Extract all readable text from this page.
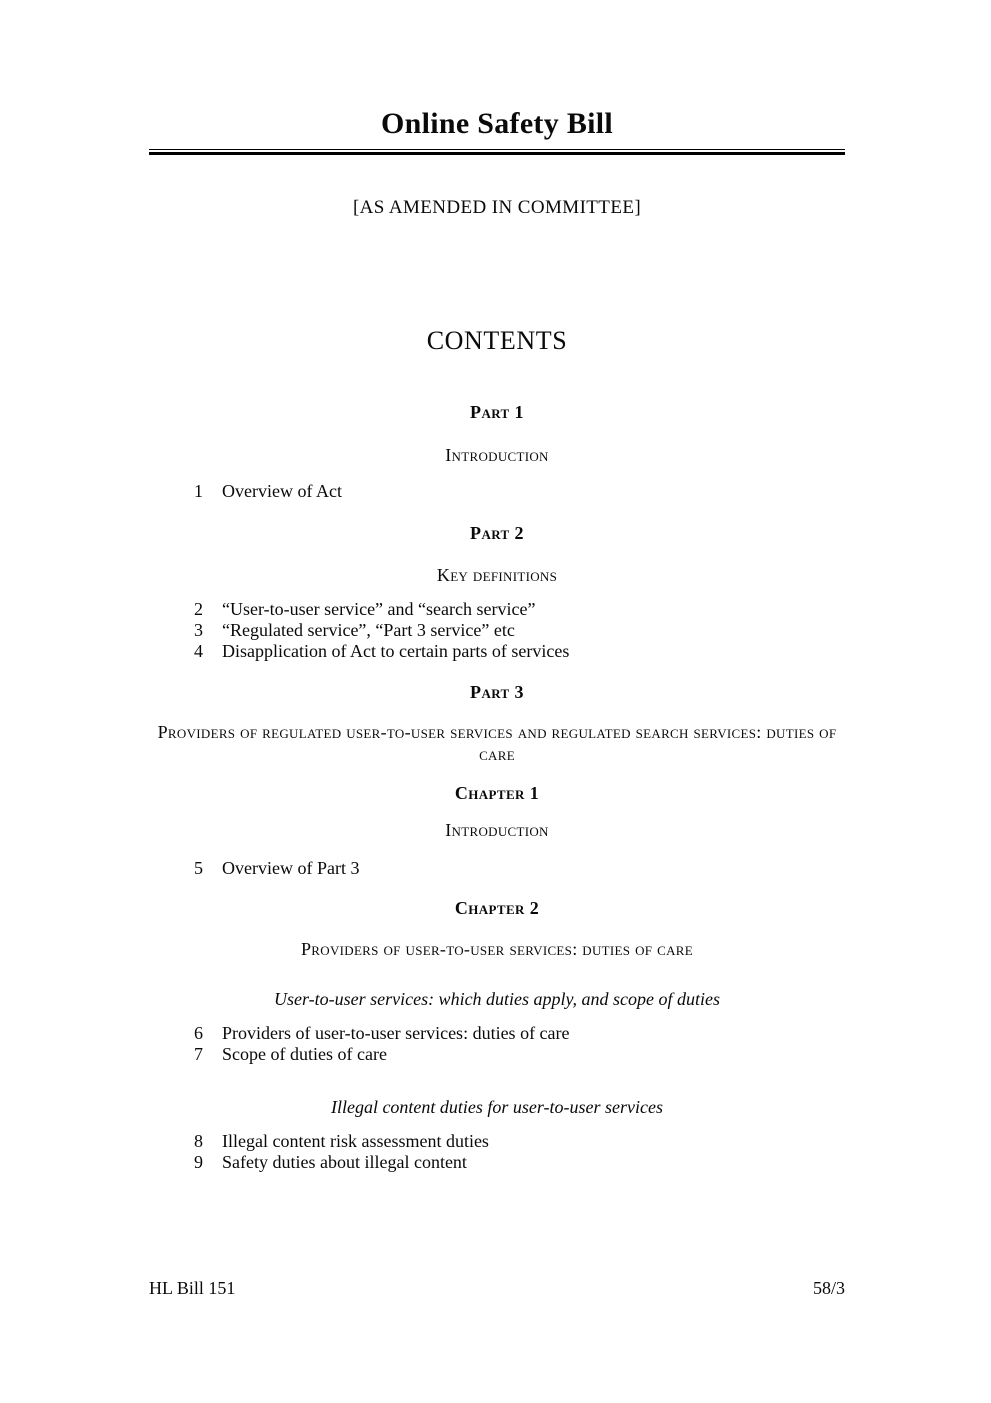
Online Safety Bill
[AS AMENDED IN COMMITTEE]
CONTENTS
Part 1
Introduction
1 Overview of Act
Part 2
Key definitions
2 “User-to-user service” and “search service”
3 “Regulated service”, “Part 3 service” etc
4 Disapplication of Act to certain parts of services
Part 3
Providers of regulated user-to-user services and regulated search services: duties of care
Chapter 1
Introduction
5 Overview of Part 3
Chapter 2
Providers of user-to-user services: duties of care
User-to-user services: which duties apply, and scope of duties
6 Providers of user-to-user services: duties of care
7 Scope of duties of care
Illegal content duties for user-to-user services
8 Illegal content risk assessment duties
9 Safety duties about illegal content
HL Bill 151	58/3
